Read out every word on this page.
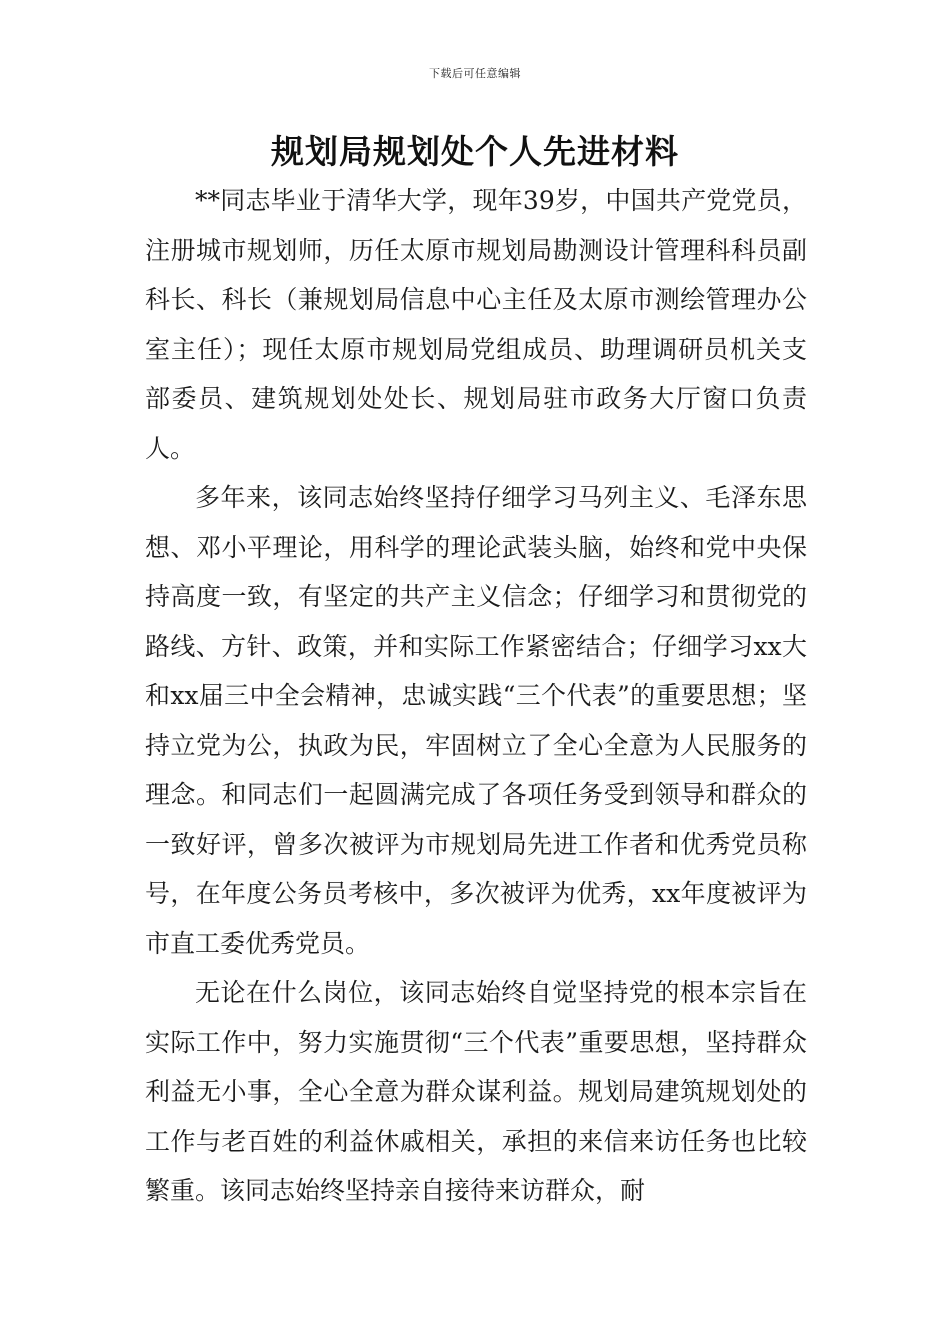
下载后可任意编辑
规划局规划处个人先进材料

**同志毕业于清华大学，现年39岁，中国共产党党员，注册城市规划师，历任太原市规划局勘测设计管理科科员副科长、科长（兼规划局信息中心主任及太原市测绘管理办公室主任）；现任太原市规划局党组成员、助理调研员机关支部委员、建筑规划处处长、规划局驻市政务大厅窗口负责人。

多年来，该同志始终坚持仔细学习马列主义、毛泽东思想、邓小平理论，用科学的理论武装头脑，始终和党中央保持高度一致，有坚定的共产主义信念；仔细学习和贯彻党的路线、方针、政策，并和实际工作紧密结合；仔细学习xx大和xx届三中全会精神，忠诚实践“三个代表”的重要思想；坚持立党为公，执政为民，牢固树立了全心全意为人民服务的理念。和同志们一起圆满完成了各项任务受到领导和群众的一致好评，曾多次被评为市规划局先进工作者和优秀党员称号，在年度公务员考核中，多次被评为优秀，xx年度被评为市直工委优秀党员。

无论在什么岗位，该同志始终自觉坚持党的根本宗旨在实际工作中，努力实施贯彻“三个代表”重要思想，坚持群众利益无小事，全心全意为群众谋利益。规划局建筑规划处的工作与老百姓的利益休戚相关，承担的来信来访任务也比较繁重。该同志始终坚持亲自接待来访群众，耐
